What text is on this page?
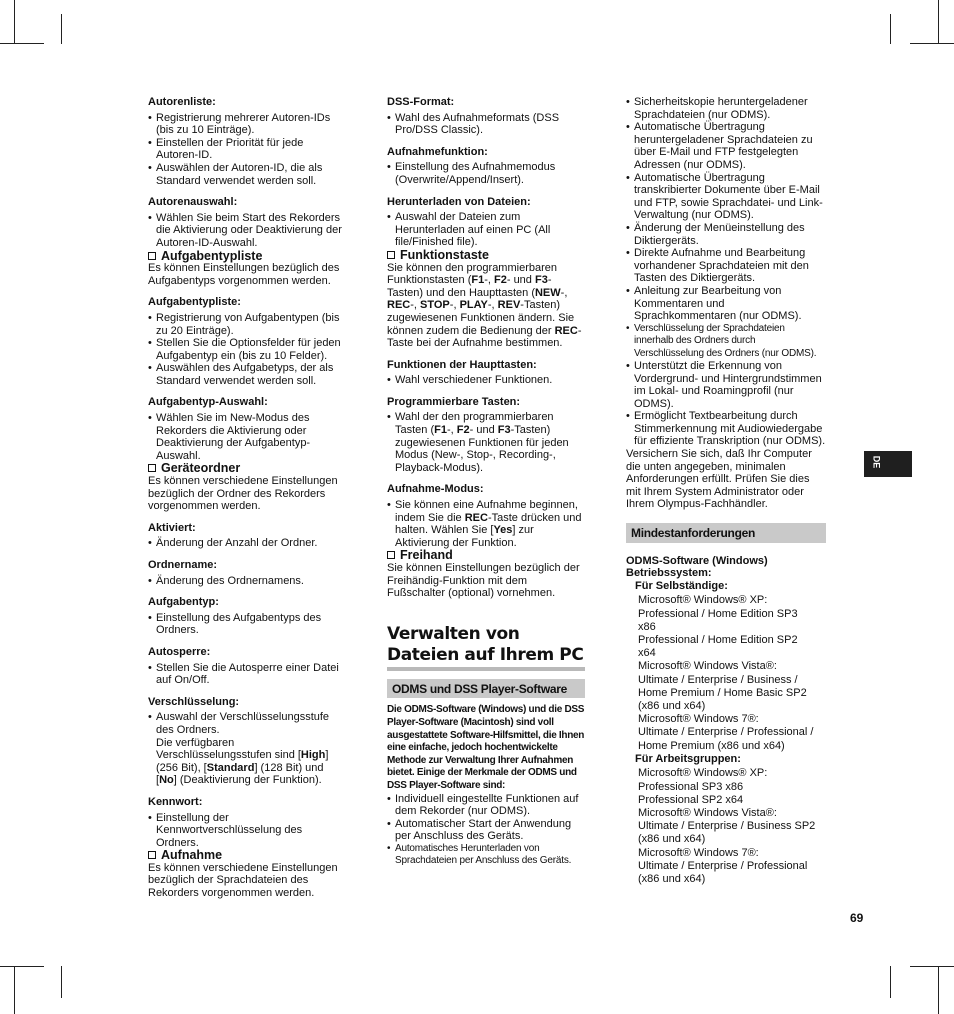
Autorenliste:
• Registrierung mehrerer Autoren-IDs (bis zu 10 Einträge).
• Einstellen der Priorität für jede Autoren-ID.
• Auswählen der Autoren-ID, die als Standard verwendet werden soll.
Autorenauswahl:
• Wählen Sie beim Start des Rekorders die Aktivierung oder Deaktivierung der Autoren-ID-Auswahl.
Aufgabentypliste

Es können Einstellungen bezüglich des Aufgabentyps vorgenommen werden.

Aufgabentypliste:
• Registrierung von Aufgabentypen (bis zu 20 Einträge).
• Stellen Sie die Optionsfelder für jeden Aufgabentyp ein (bis zu 10 Felder).
• Auswählen des Aufgabetyps, der als Standard verwendet werden soll.
Aufgabentyp-Auswahl:
• Wählen Sie im New-Modus des Rekorders die Aktivierung oder Deaktivierung der Aufgabentyp-Auswahl.
Geräteordner

Es können verschiedene Einstellungen bezüglich der Ordner des Rekorders vorgenommen werden.

Aktiviert:
• Änderung der Anzahl der Ordner.
Ordnername:
• Änderung des Ordnernamens.
Aufgabentyp:
• Einstellung des Aufgabentyps des Ordners.
Autosperre:
• Stellen Sie die Autosperre einer Datei auf On/Off.
Verschlüsselung:
• Auswahl der Verschlüsselungsstufe des Ordners.
Die verfügbaren Verschlüsselungsstufen sind [High] (256 Bit), [Standard] (128 Bit) und [No] (Deaktivierung der Funktion).
Kennwort:
• Einstellung der Kennwortverschlüsselung des Ordners.
Aufnahme

Es können verschiedene Einstellungen bezüglich der Sprachdateien des Rekorders vorgenommen werden.

DSS-Format:
• Wahl des Aufnahmeformats (DSS Pro/DSS Classic).
Aufnahmefunktion:
• Einstellung des Aufnahmemodus (Overwrite/Append/Insert).
Herunterladen von Dateien:
• Auswahl der Dateien zum Herunterladen auf einen PC (All file/Finished file).
Funktionstaste

Sie können den programmierbaren Funktionstasten (F1-, F2- und F3-Tasten) und den Haupttasten (NEW-, REC-, STOP-, PLAY-, REV-Tasten) zugewiesenen Funktionen ändern. Sie können zudem die Bedienung der REC-Taste bei der Aufnahme bestimmen.

Funktionen der Haupttasten:
• Wahl verschiedener Funktionen.
Programmierbare Tasten:
• Wahl der den programmierbaren Tasten (F1-, F2- und F3-Tasten) zugewiesenen Funktionen für jeden Modus (New-, Stop-, Recording-, Playback-Modus).
Aufnahme-Modus:
• Sie können eine Aufnahme beginnen, indem Sie die REC-Taste drücken und halten. Wählen Sie [Yes] zur Aktivierung der Funktion.
Freihand

Sie können Einstellungen bezüglich der Freihändig-Funktion mit dem Fußschalter (optional) vornehmen.

Verwalten von Dateien auf Ihrem PC
ODMS und DSS Player-Software

Die ODMS-Software (Windows) und die DSS Player-Software (Macintosh) sind voll ausgestattete Software-Hilfsmittel, die Ihnen eine einfache, jedoch hochentwickelte Methode zur Verwaltung Ihrer Aufnahmen bietet. Einige der Merkmale der ODMS und DSS Player-Software sind:

• Individuell eingestellte Funktionen auf dem Rekorder (nur ODMS).
• Automatischer Start der Anwendung per Anschluss des Geräts.
• Automatisches Herunterladen von Sprachdateien per Anschluss des Geräts.
• Sicherheitskopie heruntergeladener Sprachdateien (nur ODMS).
• Automatische Übertragung heruntergeladener Sprachdateien zu über E-Mail und FTP festgelegten Adressen (nur ODMS).
• Automatische Übertragung transkribierter Dokumente über E-Mail und FTP, sowie Sprachdatei- und Link-Verwaltung (nur ODMS).
• Änderung der Menüeinstellung des Diktiergeräts.
• Direkte Aufnahme und Bearbeitung vorhandener Sprachdateien mit den Tasten des Diktiergeräts.
• Anleitung zur Bearbeitung von Kommentaren und Sprachkommentaren (nur ODMS).
• Verschlüsselung der Sprachdateien innerhalb des Ordners durch Verschlüsselung des Ordners (nur ODMS).
• Unterstützt die Erkennung von Vordergrund- und Hintergrundstimmen im Lokal- und Roamingprofil (nur ODMS).
• Ermöglicht Textbearbeitung durch Stimmerkennung mit Audiowiedergabe für effiziente Transkription (nur ODMS).

Versichern Sie sich, daß Ihr Computer die unten angegeben, minimalen Anforderungen erfüllt. Prüfen Sie dies mit Ihrem System Administrator oder Ihrem Olympus-Fachhändler.

Mindestanforderungen
ODMS-Software (Windows)
Betriebssystem:
Für Selbständige:
Microsoft® Windows® XP:
Professional / Home Edition SP3
x86
Professional / Home Edition SP2
x64
Microsoft® Windows Vista®:
Ultimate / Enterprise / Business /
Home Premium / Home Basic SP2
(x86 und x64)
Microsoft® Windows 7®:
Ultimate / Enterprise / Professional /
Home Premium (x86 und x64)
Für Arbeitsgruppen:
Microsoft® Windows® XP:
Professional SP3 x86
Professional SP2 x64
Microsoft® Windows Vista®:
Ultimate / Enterprise / Business SP2
(x86 und x64)
Microsoft® Windows 7®:
Ultimate / Enterprise / Professional
(x86 und x64)
DE
69
